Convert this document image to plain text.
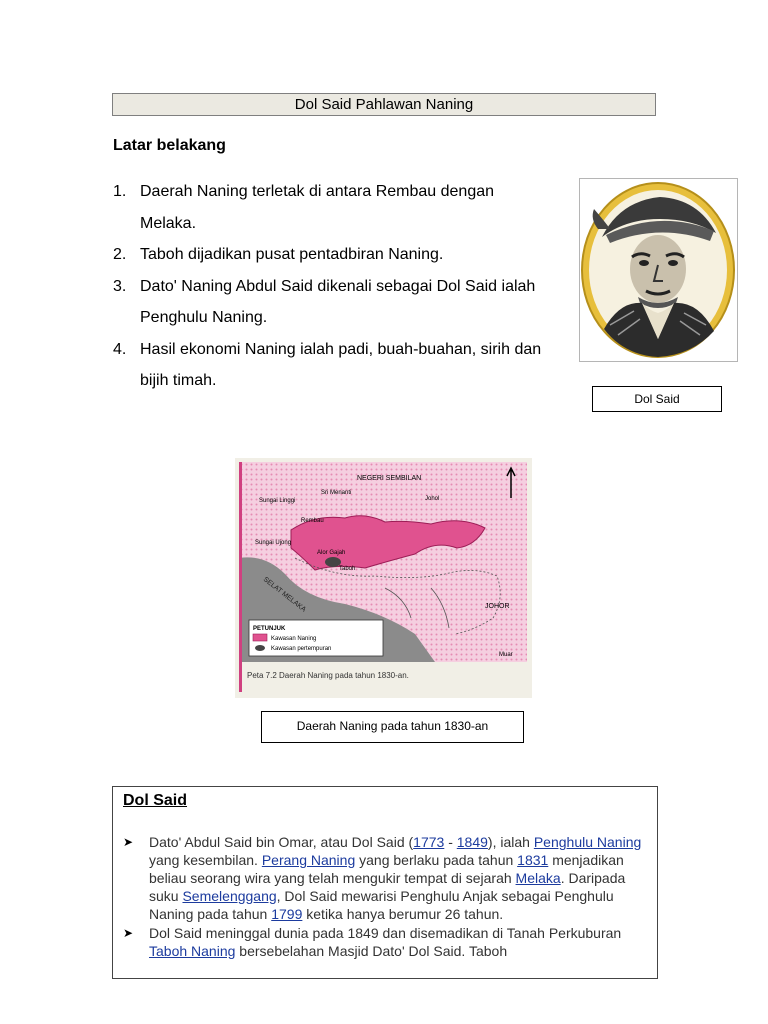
Dol Said Pahlawan Naning
Latar belakang
1. Daerah Naning terletak di antara Rembau dengan Melaka.
2. Taboh dijadikan pusat pentadbiran Naning.
3. Dato' Naning Abdul Said dikenali sebagai Dol Said ialah Penghulu Naning.
4. Hasil ekonomi Naning ialah padi, buah-buahan, sirih dan bijih timah.
Dol Said
NEGERI SEMBILAN
Sungai Linggi
Sri Menanti
Johol
Rembau
Sungai Ujong
Alor Gajah
Taboh
SELAT MELAKA	JOHOR
Muar
PETUNJUK
Kawasan Naning
Kawasan pertempuran
Peta 7.2 Daerah Naning pada tahun 1830-an.
Daerah Naning pada tahun 1830-an
Dol Said
➤ Dato' Abdul Said bin Omar, atau Dol Said (1773 - 1849), ialah Penghulu Naning yang kesembilan. Perang Naning yang berlaku pada tahun 1831 menjadikan beliau seorang wira yang telah mengukir tempat di sejarah Melaka. Daripada suku Semelenggang, Dol Said mewarisi Penghulu Anjak sebagai Penghulu Naning pada tahun 1799 ketika hanya berumur 26 tahun.
➤ Dol Said meninggal dunia pada 1849 dan disemadikan di Tanah Perkuburan Taboh Naning bersebelahan Masjid Dato' Dol Said. Taboh
